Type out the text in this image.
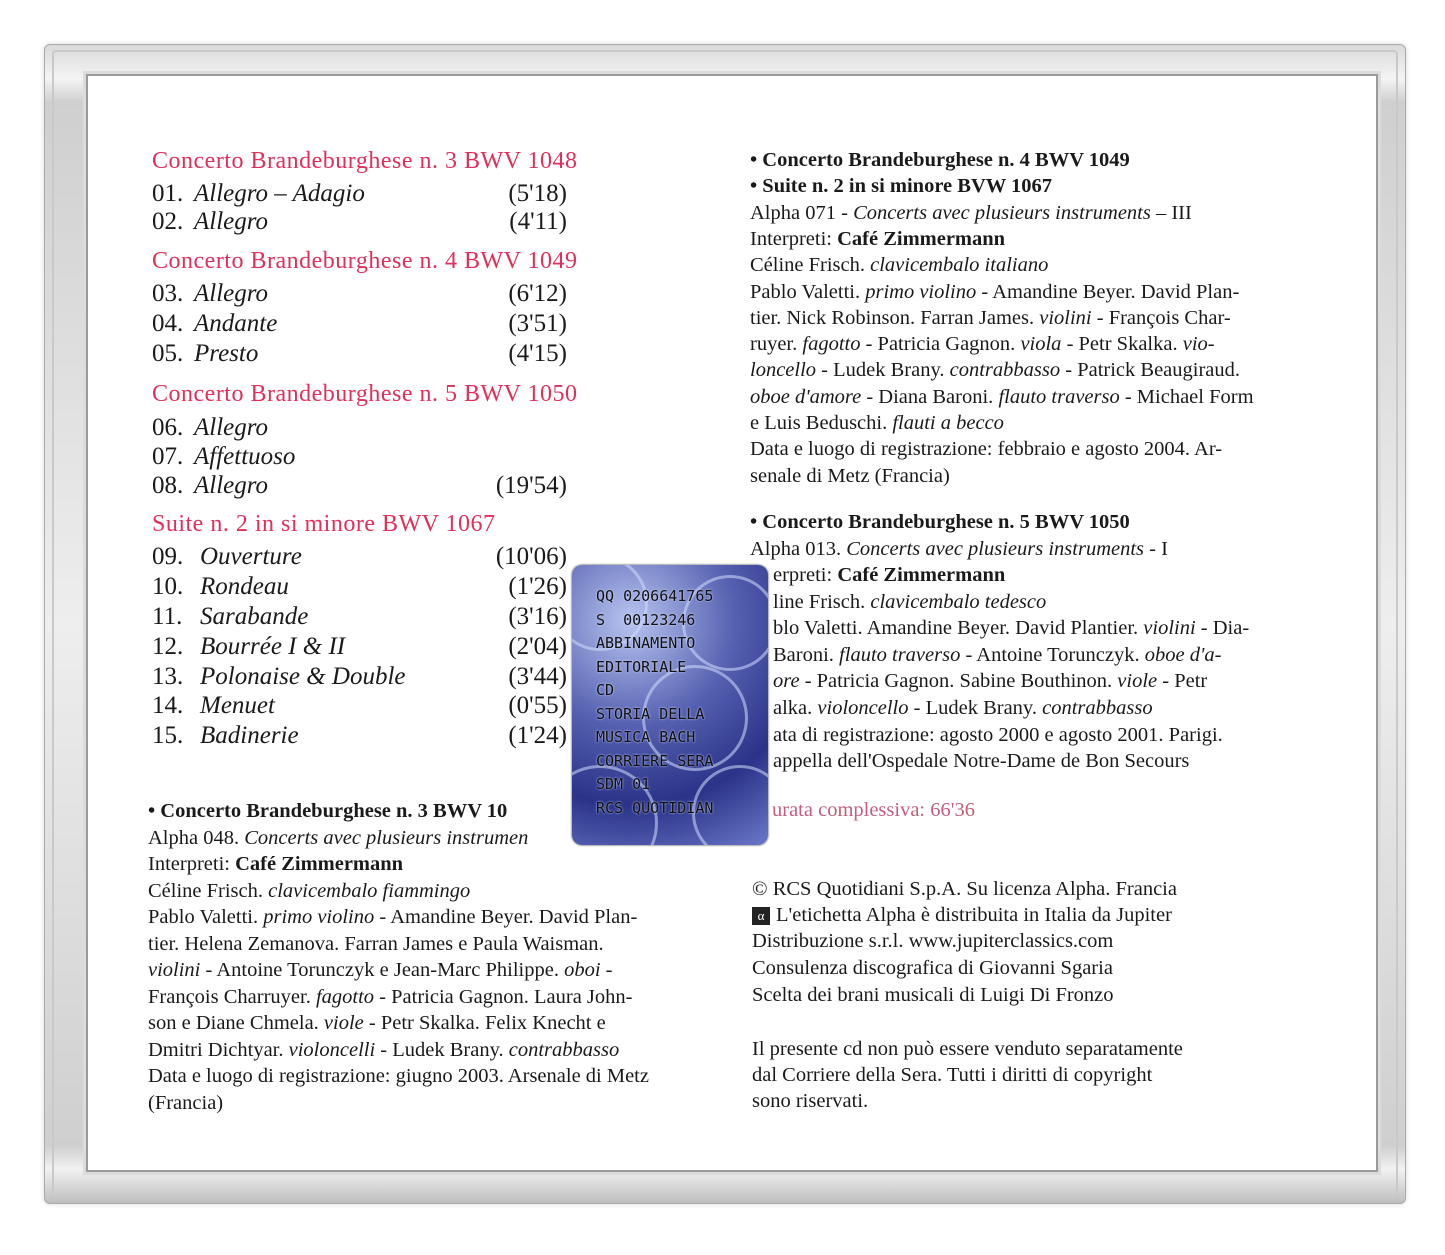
Concerto Brandeburghese n. 3 BWV 1048
01. Allegro – Adagio	(5'18)
02. Allegro	(4'11)
Concerto Brandeburghese n. 4 BWV 1049
03. Allegro	(6'12)
04. Andante	(3'51)
05. Presto	(4'15)
Concerto Brandeburghese n. 5 BWV 1050
06. Allegro
07. Affettuoso
08. Allegro	(19'54)
Suite n. 2 in si minore BWV 1067
09. Ouverture	(10'06)
10. Rondeau	(1'26)
11. Sarabande	(3'16)
12. Bourrée I & II	(2'04)
13. Polonaise & Double	(3'44)
14. Menuet	(0'55)
15. Badinerie	(1'24)
• Concerto Brandeburghese n. 3 BWV 10
Alpha 048. Concerts avec plusieurs instrumen
Interpreti: Café Zimmermann
Céline Frisch. clavicembalo fiammingo
Pablo Valetti. primo violino - Amandine Beyer. David Plan-
tier. Helena Zemanova. Farran James e Paula Waisman.
violini - Antoine Torunczyk e Jean-Marc Philippe. oboi -
François Charruyer. fagotto - Patricia Gagnon. Laura John-
son e Diane Chmela. viole - Petr Skalka. Felix Knecht e
Dmitri Dichtyar. violoncelli - Ludek Brany. contrabbasso
Data e luogo di registrazione: giugno 2003. Arsenale di Metz
(Francia)
• Concerto Brandeburghese n. 4 BWV 1049
• Suite n. 2 in si minore BVW 1067
Alpha 071 - Concerts avec plusieurs instruments – III
Interpreti: Café Zimmermann
Céline Frisch. clavicembalo italiano
Pablo Valetti. primo violino - Amandine Beyer. David Plan-
tier. Nick Robinson. Farran James. violini - François Char-
ruyer. fagotto - Patricia Gagnon. viola - Petr Skalka. vio-
loncello - Ludek Brany. contrabbasso - Patrick Beaugiraud.
oboe d'amore - Diana Baroni. flauto traverso - Michael Form
e Luis Beduschi. flauti a becco
Data e luogo di registrazione: febbraio e agosto 2004. Ar-
senale di Metz (Francia)
• Concerto Brandeburghese n. 5 BWV 1050
Alpha 013. Concerts avec plusieurs instruments - I
erpreti: Café Zimmermann
line Frisch. clavicembalo tedesco
blo Valetti. Amandine Beyer. David Plantier. violini - Dia-
Baroni. flauto traverso - Antoine Torunczyk. oboe d'a-
ore - Patricia Gagnon. Sabine Bouthinon. viole - Petr
alka. violoncello - Ludek Brany. contrabbasso
ata di registrazione: agosto 2000 e agosto 2001. Parigi.
appella dell'Ospedale Notre-Dame de Bon Secours
urata complessiva: 66'36
© RCS Quotidiani S.p.A. Su licenza Alpha. Francia
α L'etichetta Alpha è distribuita in Italia da Jupiter
Distribuzione s.r.l. www.jupiterclassics.com
Consulenza discografica di Giovanni Sgaria
Scelta dei brani musicali di Luigi Di Fronzo
Il presente cd non può essere venduto separatamente
dal Corriere della Sera. Tutti i diritti di copyright
sono riservati.
QQ 0206641765
S  00123246
ABBINAMENTO
EDITORIALE
CD
STORIA DELLA
MUSICA BACH
CORRIERE SERA
SDM 01
RCS QUOTIDIAN
